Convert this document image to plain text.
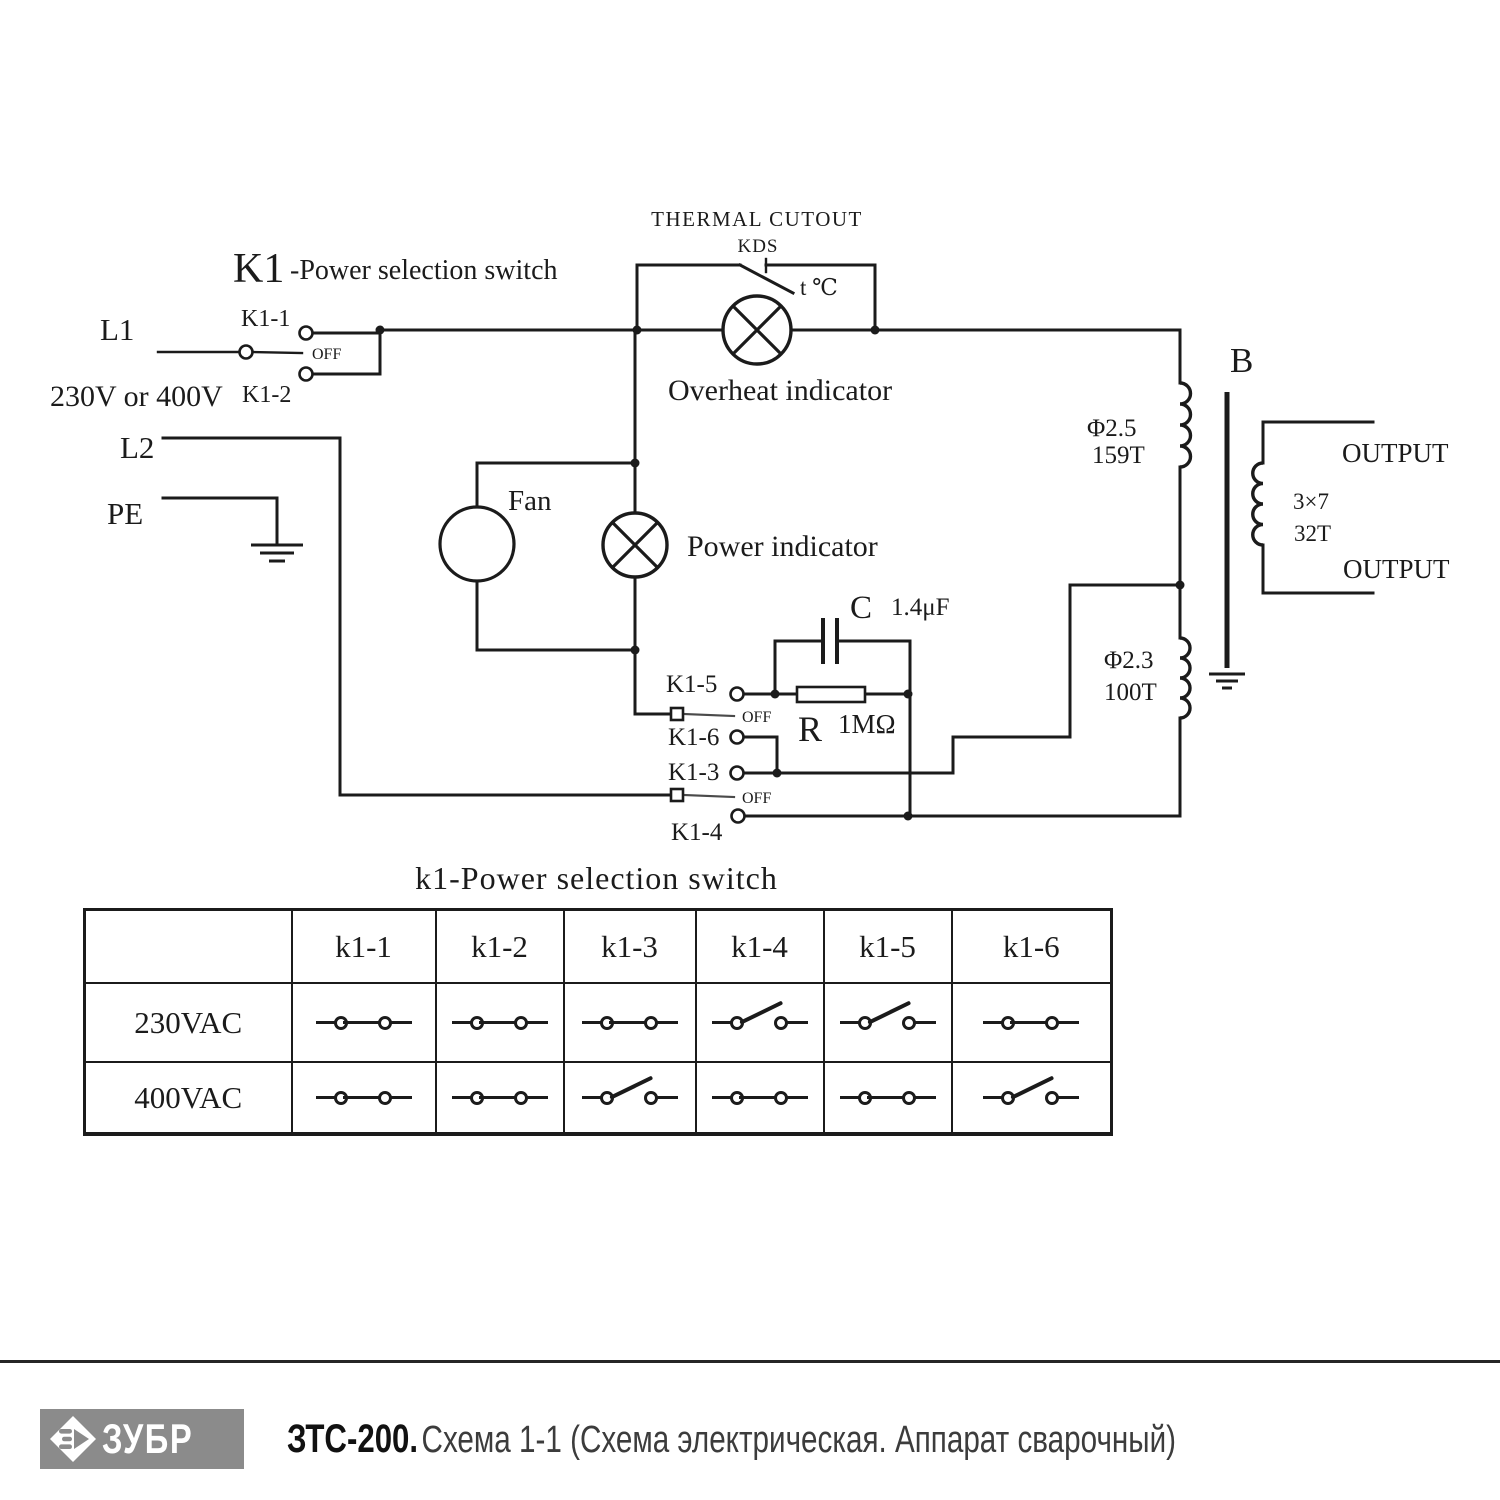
THERMAL CUTOUT
KDS
t ℃
K1 -Power selection switch
L1
230V or 400V
L2
PE
K1-1
OFF
K1-2	Overheat indicator
Fan
Power indicator
C 1.4μF
R 1MΩ
K1-5
OFF
K1-6
K1-3
OFF
K1-4
B
Φ2.5
159T
Φ2.3
100T
3×7
32T
OUTPUT
OUTPUT
k1-Power selection switch
	k1-1	k1-2	k1-3	k1-4	k1-5	k1-6
230VAC	

400VAC	

ЗУБР ЗТС-200. Схема 1-1 (Схема электрическая. Аппарат сварочный)
